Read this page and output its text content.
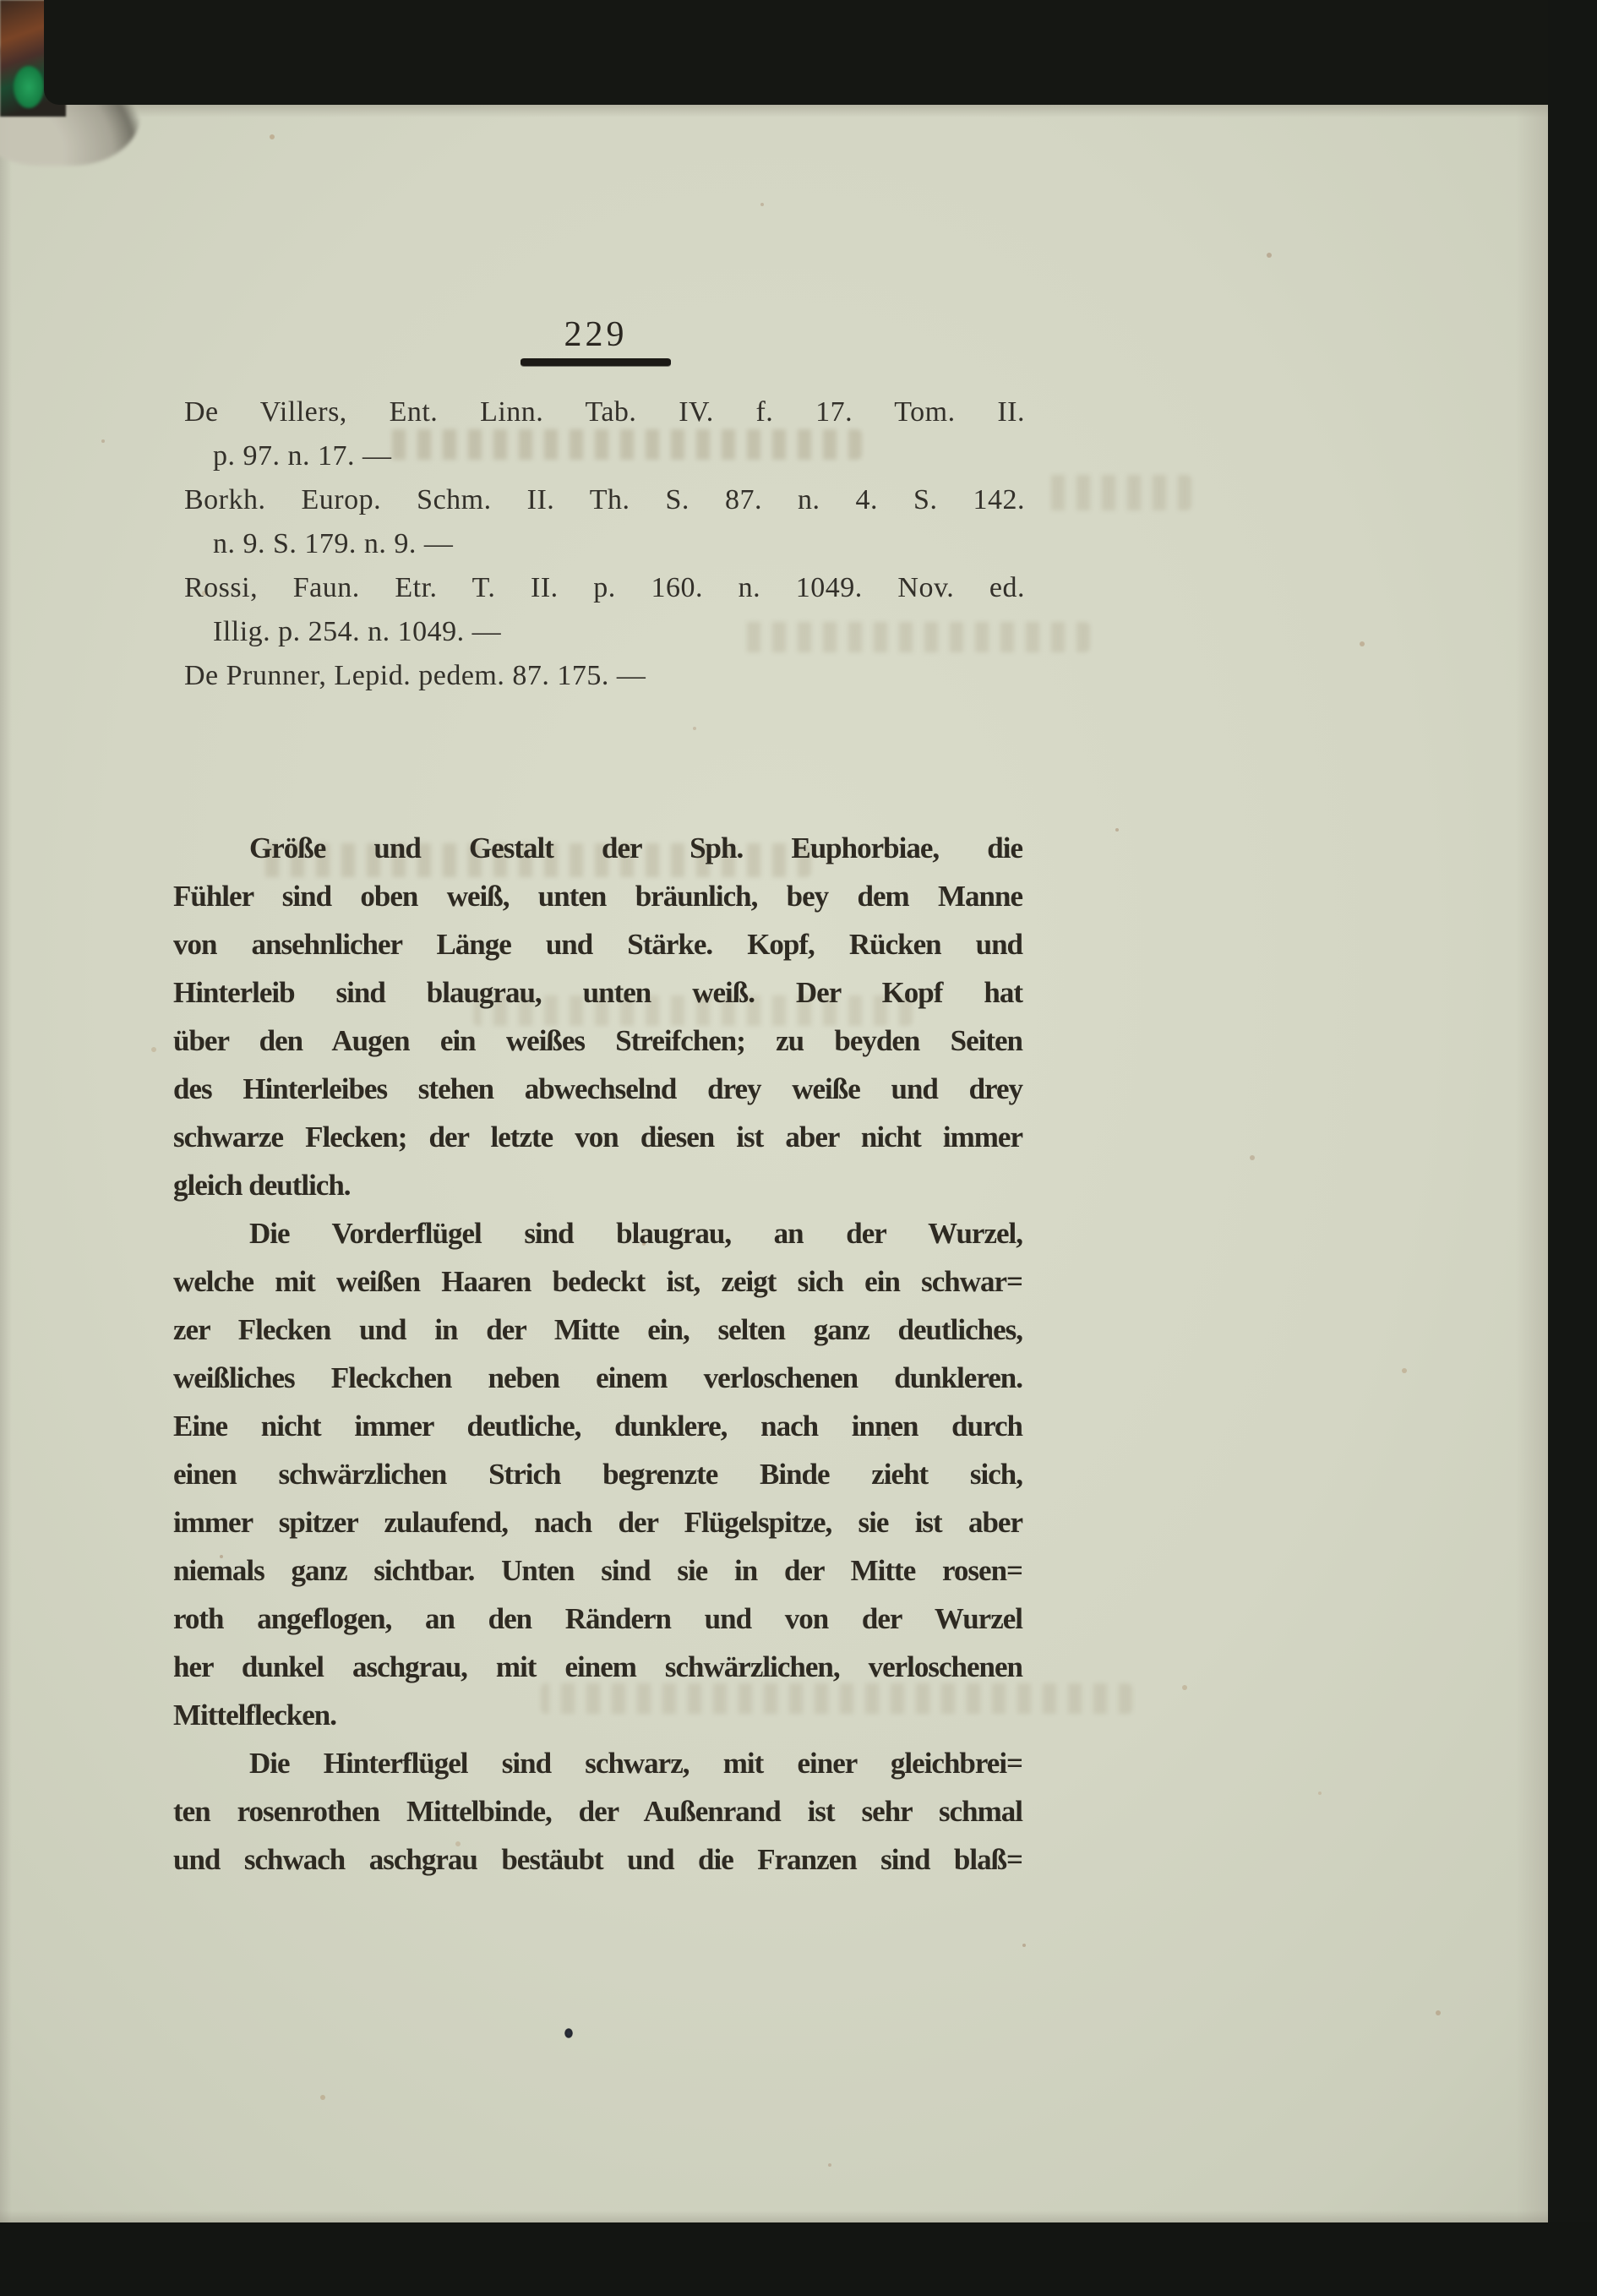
229
De Villers, Ent. Linn. Tab. IV. f. 17. Tom. II.
p. 97. n. 17. —
Borkh. Europ. Schm. II. Th. S. 87. n. 4. S. 142.
n. 9. S. 179. n. 9. —
Rossi, Faun. Etr. T. II. p. 160. n. 1049. Nov. ed.
Illig. p. 254. n. 1049. —
De Prunner, Lepid. pedem. 87. 175. —
Größe und Gestalt der Sph. Euphorbiae, die
Fühler sind oben weiß, unten bräunlich, bey dem Manne
von ansehnlicher Länge und Stärke. Kopf, Rücken und
Hinterleib sind blaugrau, unten weiß. Der Kopf hat
über den Augen ein weißes Streifchen; zu beyden Seiten
des Hinterleibes stehen abwechselnd drey weiße und drey
schwarze Flecken; der letzte von diesen ist aber nicht immer
gleich deutlich.
Die Vorderflügel sind blaugrau, an der Wurzel,
welche mit weißen Haaren bedeckt ist, zeigt sich ein schwar=
zer Flecken und in der Mitte ein, selten ganz deutliches,
weißliches Fleckchen neben einem verloschenen dunkleren.
Eine nicht immer deutliche, dunklere, nach innen durch
einen schwärzlichen Strich begrenzte Binde zieht sich,
immer spitzer zulaufend, nach der Flügelspitze, sie ist aber
niemals ganz sichtbar. Unten sind sie in der Mitte rosen=
roth angeflogen, an den Rändern und von der Wurzel
her dunkel aschgrau, mit einem schwärzlichen, verloschenen
Mittelflecken.
Die Hinterflügel sind schwarz, mit einer gleichbrei=
ten rosenrothen Mittelbinde, der Außenrand ist sehr schmal
und schwach aschgrau bestäubt und die Franzen sind blaß=
